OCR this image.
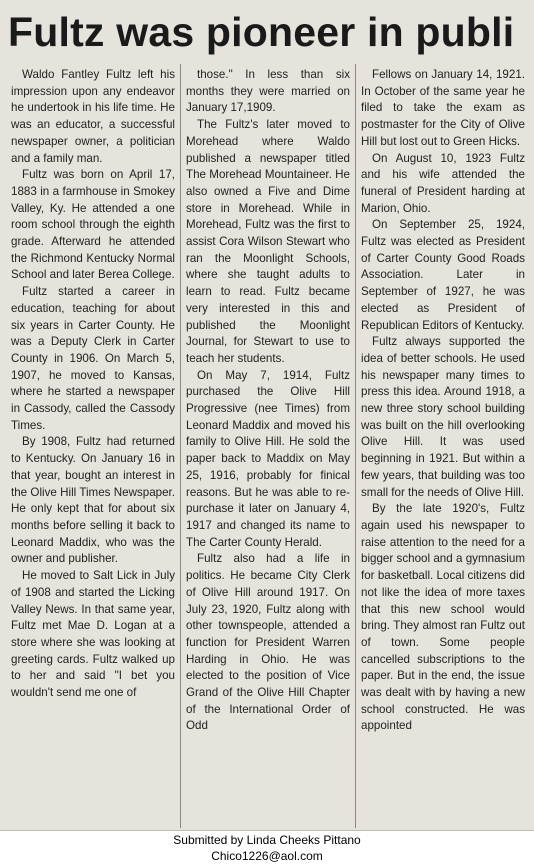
Fultz was pioneer in publi

Waldo Fantley Fultz left his impression upon any endeavor he undertook in his life time. He was an educator, a successful newspaper owner, a politician and a family man.

Fultz was born on April 17, 1883 in a farmhouse in Smokey Valley, Ky. He attended a one room school through the eighth grade. Afterward he attended the Richmond Kentucky Normal School and later Berea College.

Fultz started a career in education, teaching for about six years in Carter County. He was a Deputy Clerk in Carter County in 1906. On March 5, 1907, he moved to Kansas, where he started a newspaper in Cassody, called the Cassody Times.

By 1908, Fultz had returned to Kentucky. On January 16 in that year, bought an interest in the Olive Hill Times Newspaper. He only kept that for about six months before selling it back to Leonard Maddix, who was the owner and publisher.

He moved to Salt Lick in July of 1908 and started the Licking Valley News. In that same year, Fultz met Mae D. Logan at a store where she was looking at greeting cards. Fultz walked up to her and said "I bet you wouldn't send me one of

those." In less than six months they were married on January 17,1909.

The Fultz's later moved to Morehead where Waldo published a newspaper titled The Morehead Mountaineer. He also owned a Five and Dime store in Morehead. While in Morehead, Fultz was the first to assist Cora Wilson Stewart who ran the Moonlight Schools, where she taught adults to learn to read. Fultz became very interested in this and published the Moonlight Journal, for Stewart to use to teach her students.

On May 7, 1914, Fultz purchased the Olive Hill Progressive (nee Times) from Leonard Maddix and moved his family to Olive Hill. He sold the paper back to Maddix on May 25, 1916, probably for finical reasons. But he was able to re-purchase it later on January 4, 1917 and changed its name to The Carter County Herald.

Fultz also had a life in politics. He became City Clerk of Olive Hill around 1917. On July 23, 1920, Fultz along with other townspeople, attended a function for President Warren Harding in Ohio. He was elected to the position of Vice Grand of the Olive Hill Chapter of the International Order of Odd

Fellows on January 14, 1921. In October of the same year he filed to take the exam as postmaster for the City of Olive Hill but lost out to Green Hicks.

On August 10, 1923 Fultz and his wife attended the funeral of President harding at Marion, Ohio.

On September 25, 1924, Fultz was elected as President of Carter County Good Roads Association. Later in September of 1927, he was elected as President of Republican Editors of Kentucky.

Fultz always supported the idea of better schools. He used his newspaper many times to press this idea. Around 1918, a new three story school building was built on the hill overlooking Olive Hill. It was used beginning in 1921. But within a few years, that building was too small for the needs of Olive Hill.

By the late 1920's, Fultz again used his newspaper to raise attention to the need for a bigger school and a gymnasium for basketball. Local citizens did not like the idea of more taxes that this new school would bring. They almost ran Fultz out of town. Some people cancelled subscriptions to the paper. But in the end, the issue was dealt with by having a new school constructed. He was appointed

Submitted by Linda Cheeks Pittano
Chico1226@aol.com
